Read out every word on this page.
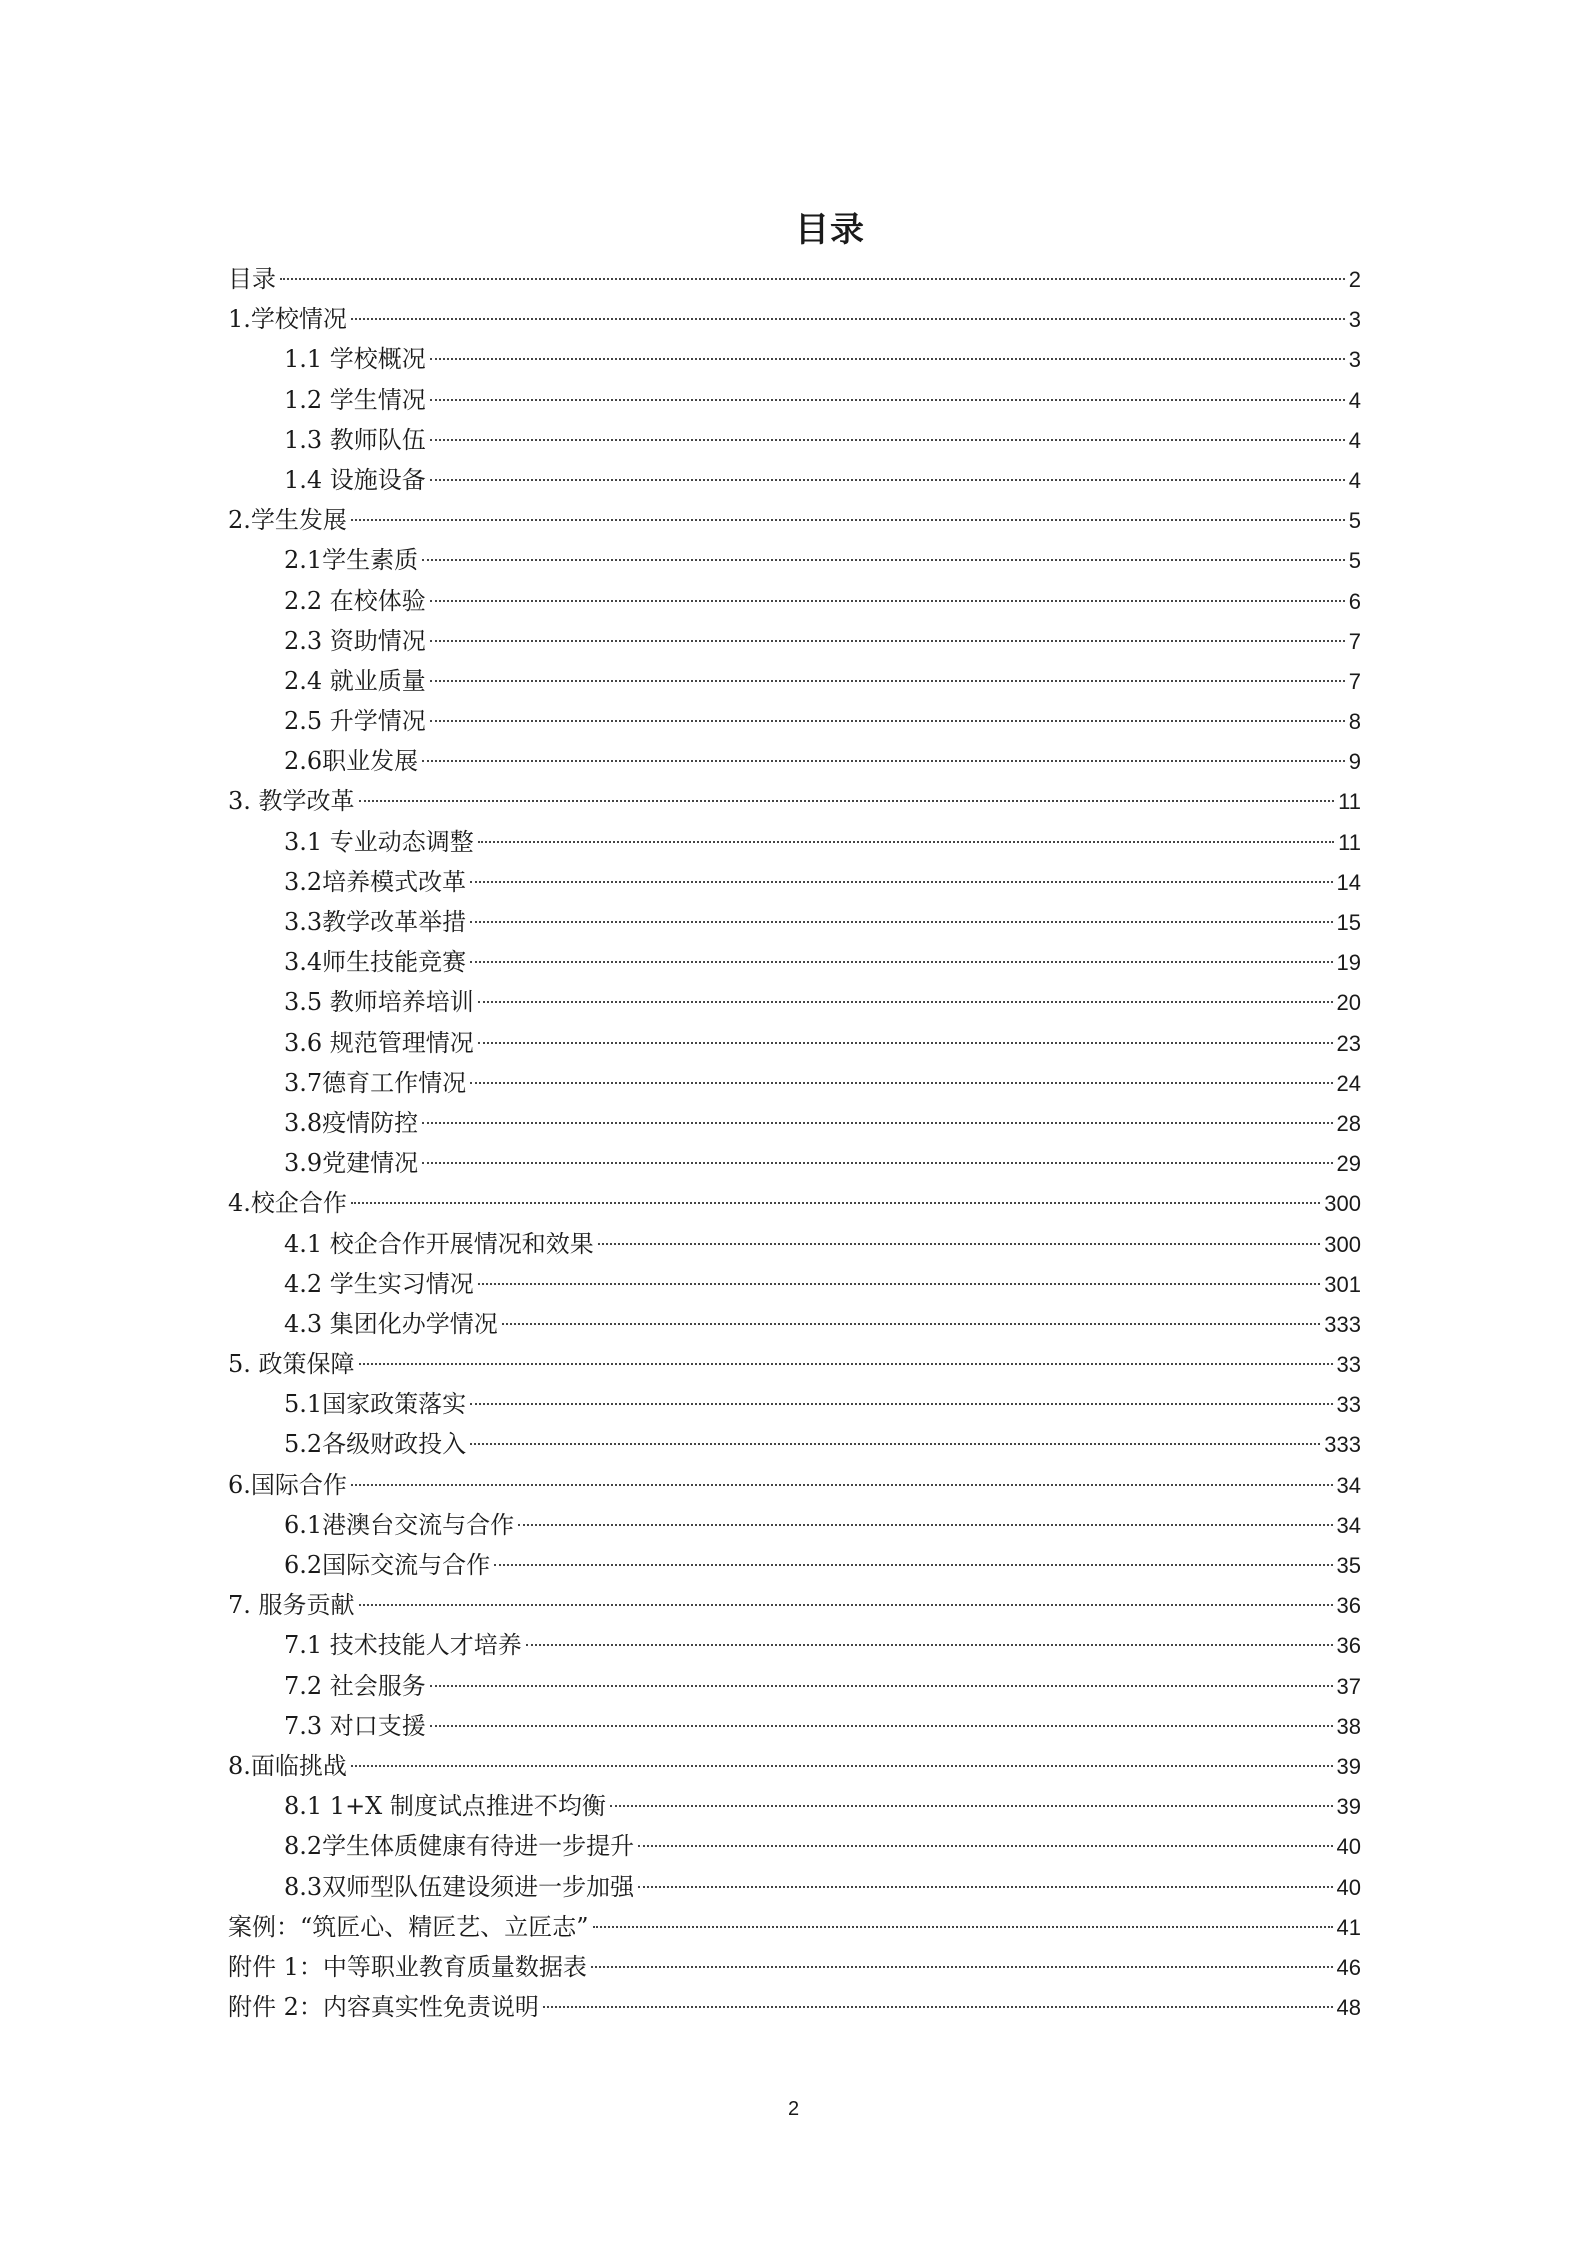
目录
目录	2
1.学校情况	3
1.1 学校概况	3
1.2 学生情况	4
1.3 教师队伍	4
1.4 设施设备	4
2.学生发展	5
2.1学生素质	5
2.2 在校体验	6
2.3 资助情况	7
2.4 就业质量	7
2.5 升学情况	8
2.6职业发展	9
3. 教学改革	11
3.1 专业动态调整	11
3.2培养模式改革	14
3.3教学改革举措	15
3.4师生技能竞赛	19
3.5 教师培养培训	20
3.6 规范管理情况	23
3.7德育工作情况	24
3.8疫情防控	28
3.9党建情况	29
4.校企合作	300
4.1 校企合作开展情况和效果	300
4.2 学生实习情况	301
4.3 集团化办学情况	333
5. 政策保障	33
5.1国家政策落实	33
5.2各级财政投入	333
6.国际合作	34
6.1港澳台交流与合作	34
6.2国际交流与合作	35
7. 服务贡献	36
7.1 技术技能人才培养	36
7.2 社会服务	37
7.3 对口支援	38
8.面临挑战	39
8.1 1+X 制度试点推进不均衡	39
8.2学生体质健康有待进一步提升	40
8.3双师型队伍建设须进一步加强	40
案例：“筑匠心、精匠艺、立匠志”	41
附件 1：中等职业教育质量数据表	46
附件 2：内容真实性免责说明	48
2
